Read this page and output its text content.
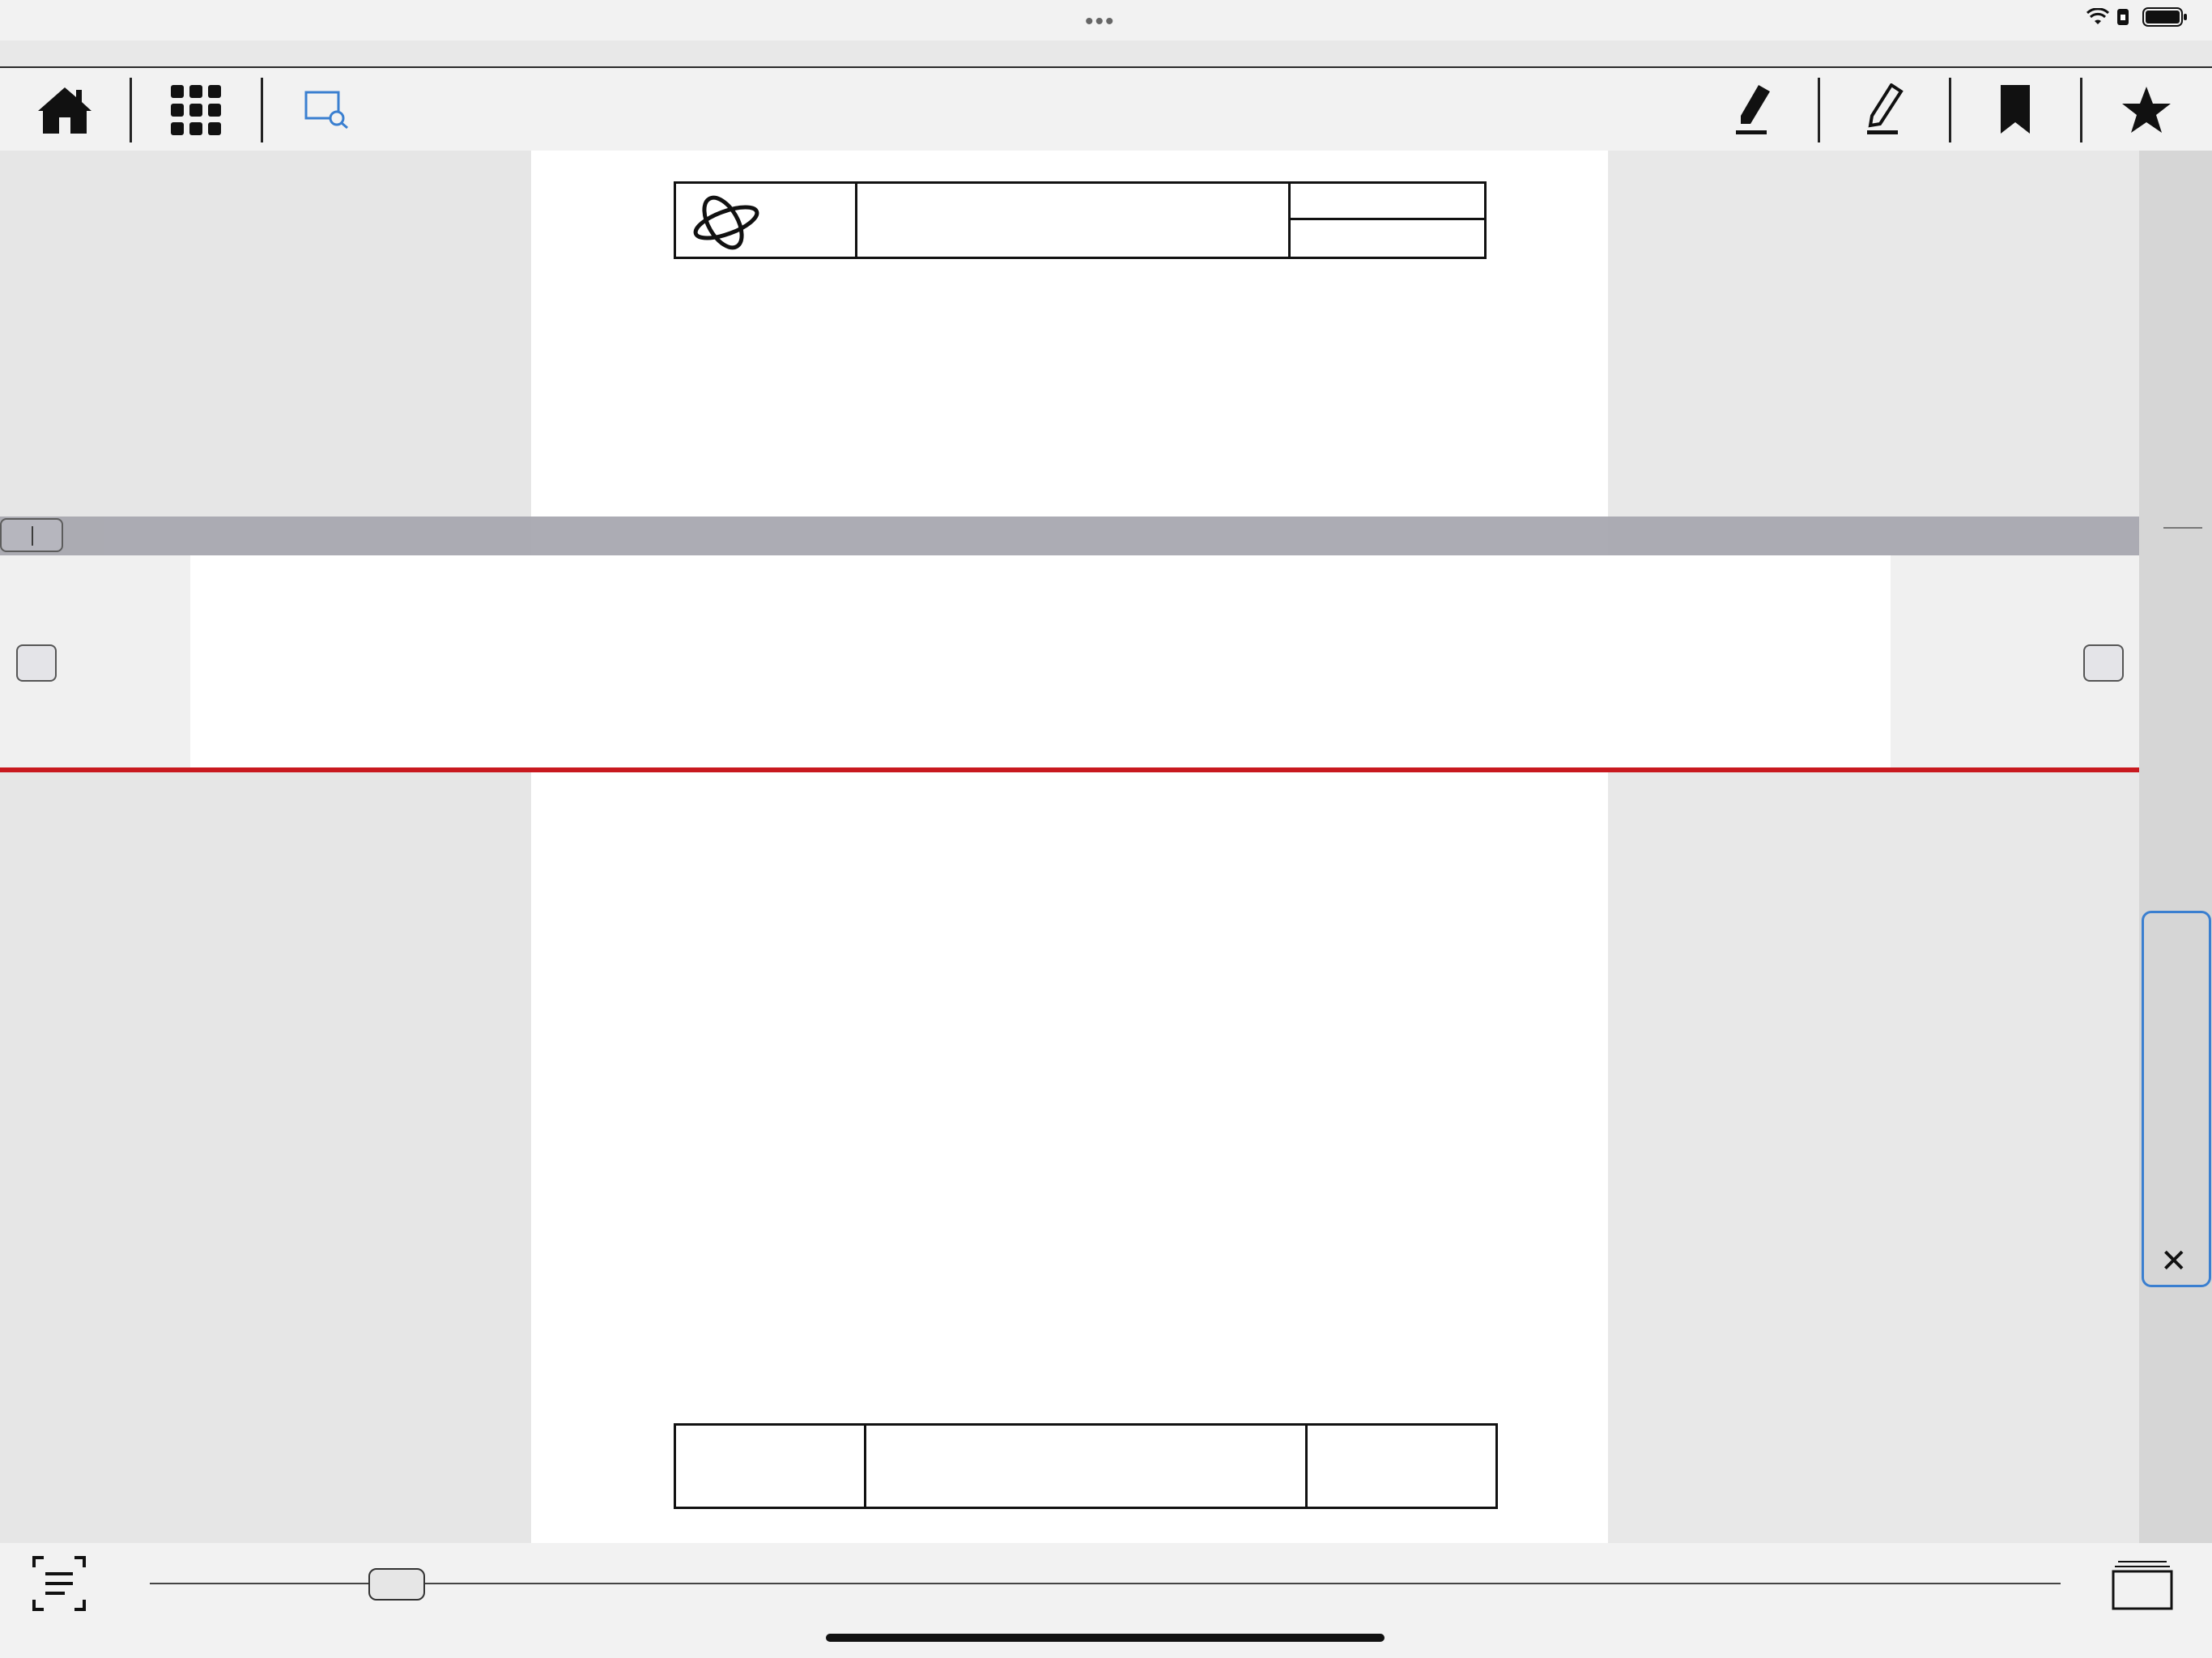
•••
✕
